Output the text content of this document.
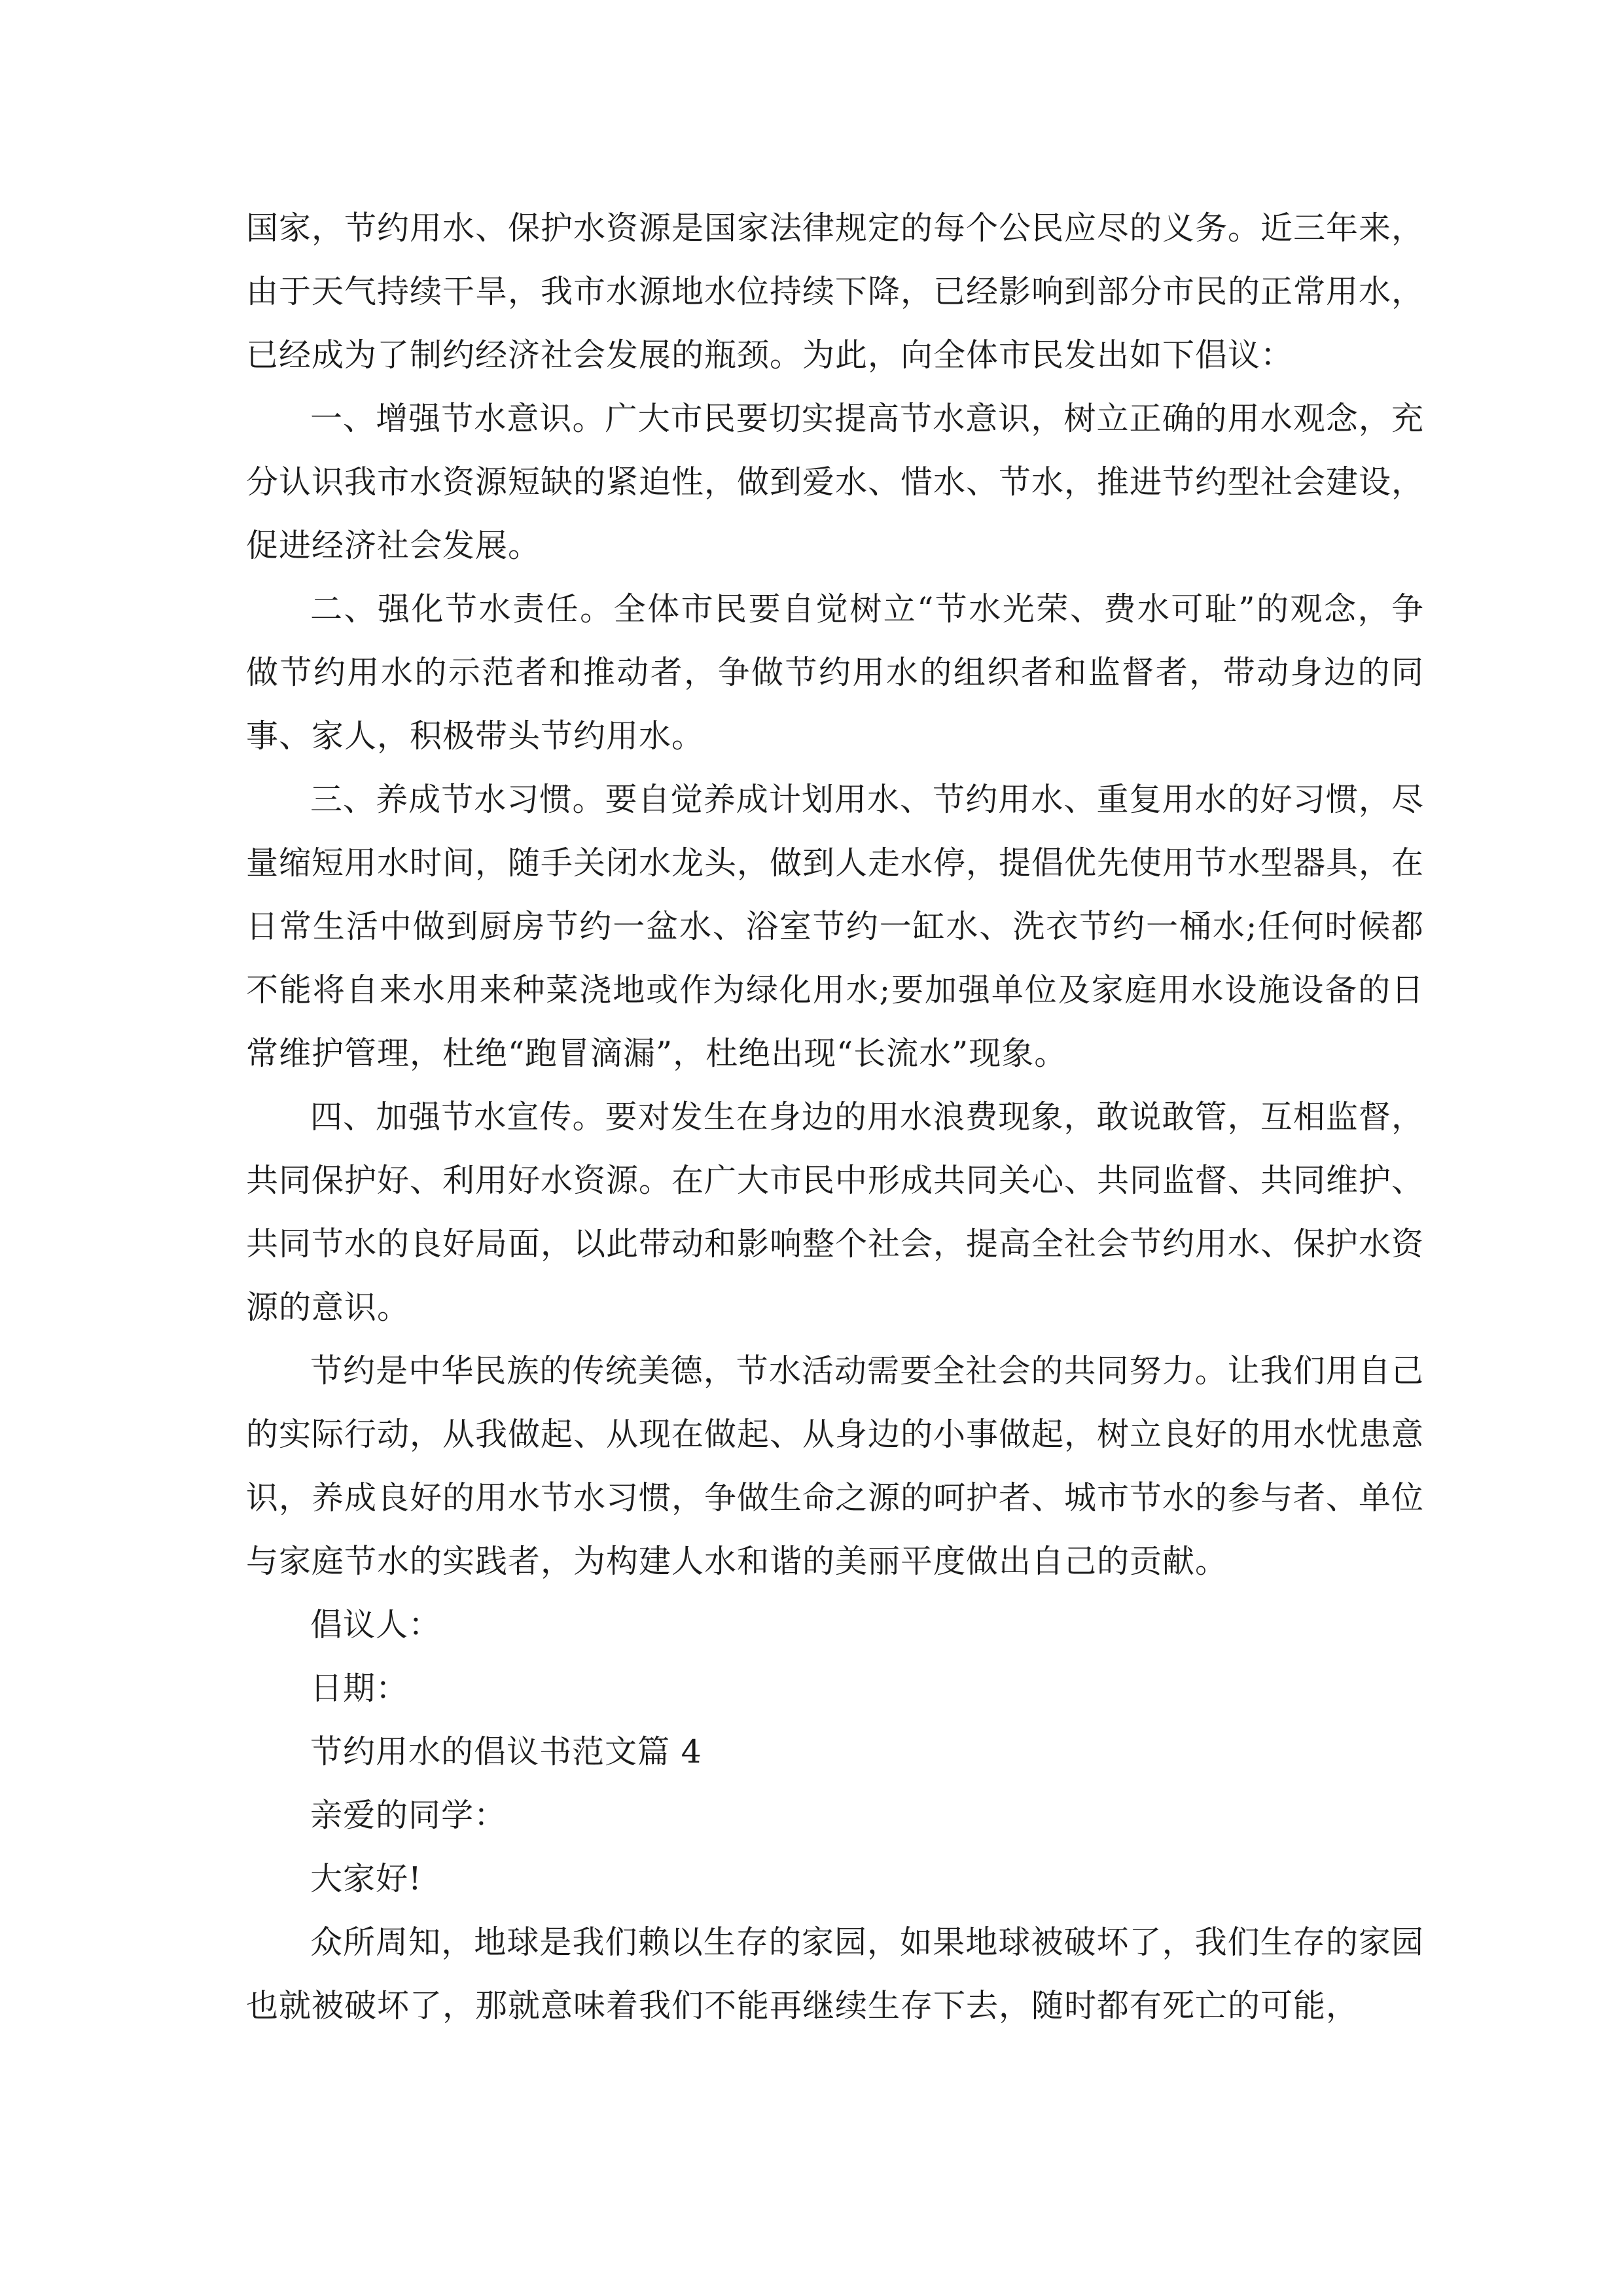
国家，节约用水、保护水资源是国家法律规定的每个公民应尽的义务。近三年来，由于天气持续干旱，我市水源地水位持续下降，已经影响到部分市民的正常用水，已经成为了制约经济社会发展的瓶颈。为此，向全体市民发出如下倡议：

一、增强节水意识。广大市民要切实提高节水意识，树立正确的用水观念，充分认识我市水资源短缺的紧迫性，做到爱水、惜水、节水，推进节约型社会建设，促进经济社会发展。

二、强化节水责任。全体市民要自觉树立“节水光荣、费水可耻”的观念，争做节约用水的示范者和推动者，争做节约用水的组织者和监督者，带动身边的同事、家人，积极带头节约用水。

三、养成节水习惯。要自觉养成计划用水、节约用水、重复用水的好习惯，尽量缩短用水时间，随手关闭水龙头，做到人走水停，提倡优先使用节水型器具，在日常生活中做到厨房节约一盆水、浴室节约一缸水、洗衣节约一桶水;任何时候都不能将自来水用来种菜浇地或作为绿化用水;要加强单位及家庭用水设施设备的日常维护管理，杜绝“跑冒滴漏”，杜绝出现“长流水”现象。

四、加强节水宣传。要对发生在身边的用水浪费现象，敢说敢管，互相监督，共同保护好、利用好水资源。在广大市民中形成共同关心、共同监督、共同维护、共同节水的良好局面，以此带动和影响整个社会，提高全社会节约用水、保护水资源的意识。

节约是中华民族的传统美德，节水活动需要全社会的共同努力。让我们用自己的实际行动，从我做起、从现在做起、从身边的小事做起，树立良好的用水忧患意识，养成良好的用水节水习惯，争做生命之源的呵护者、城市节水的参与者、单位与家庭节水的实践者，为构建人水和谐的美丽平度做出自己的贡献。

倡议人：

日期：

节约用水的倡议书范文篇 4

亲爱的同学：

大家好!

众所周知，地球是我们赖以生存的家园，如果地球被破坏了，我们生存的家园也就被破坏了，那就意味着我们不能再继续生存下去，随时都有死亡的可能，
